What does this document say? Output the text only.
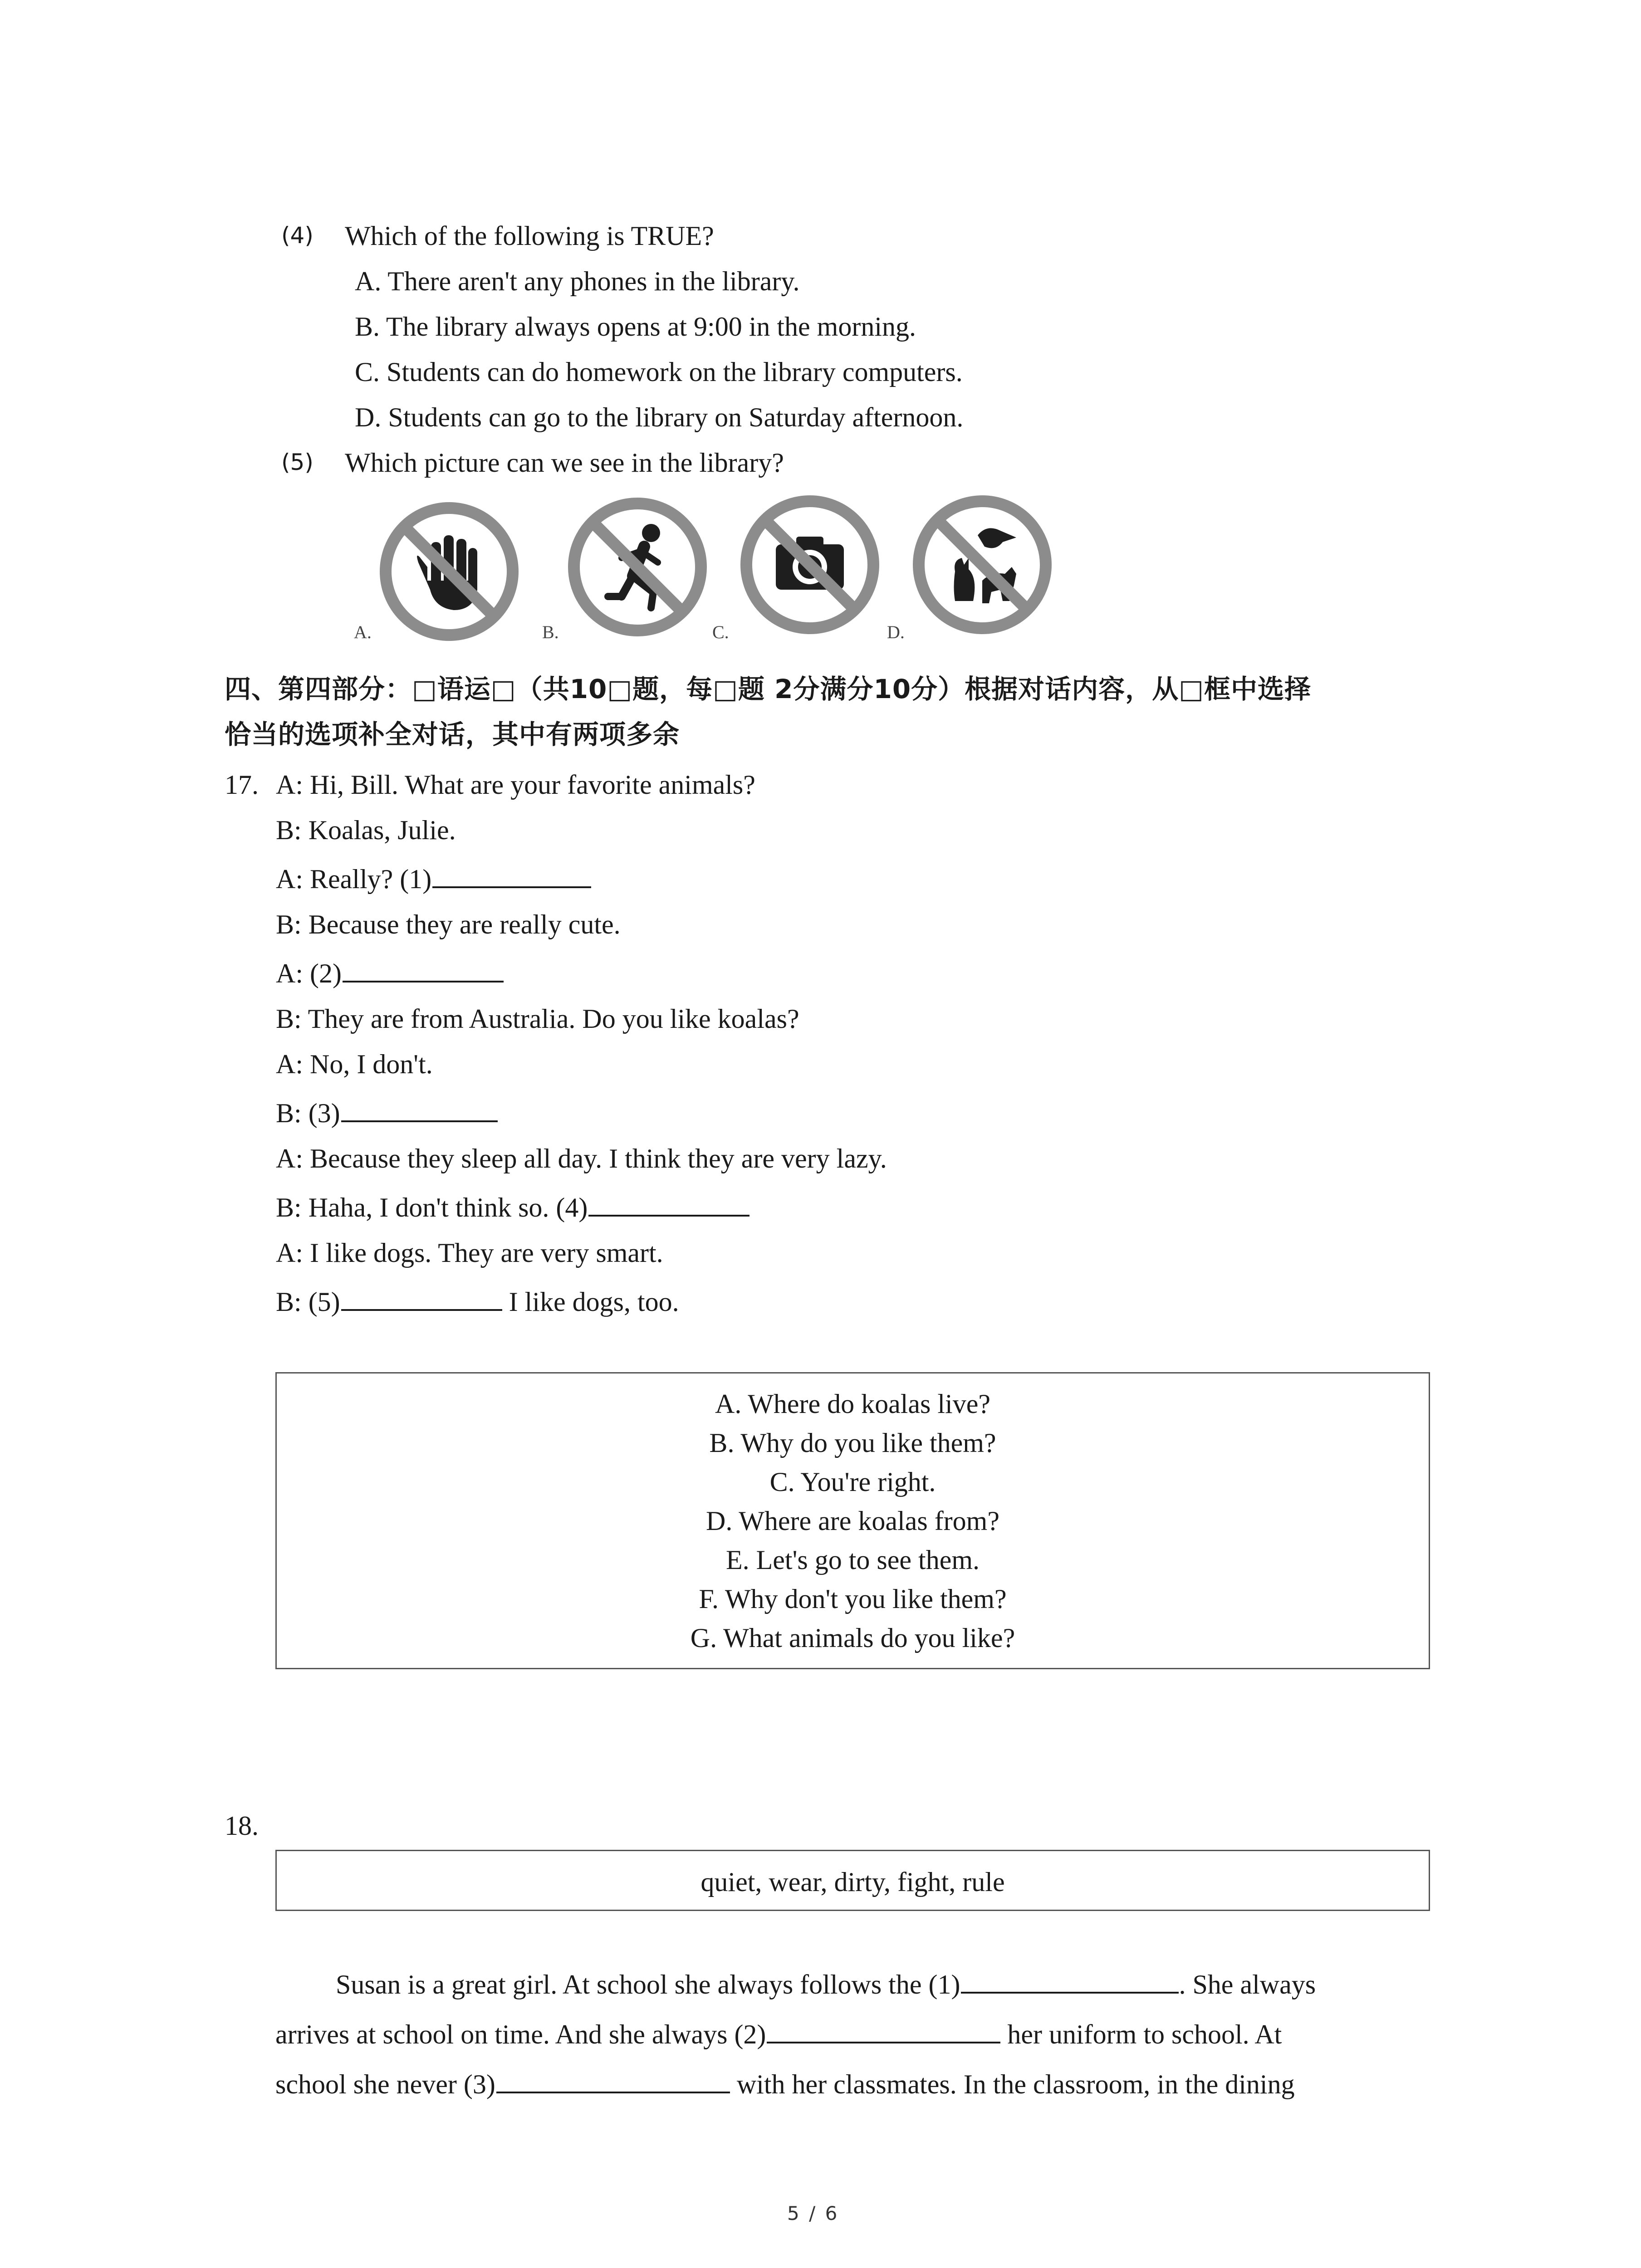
(4) Which of the following is TRUE?
A. There aren't any phones in the library.
B. The library always opens at 9:00 in the morning.
C. Students can do homework on the library computers.
D. Students can go to the library on Saturday afternoon.
(5) Which picture can we see in the library?
A.	B.	C.	D.
四、第四部分：□语运□（共10□题，每□题 2分满分10分）根据对话内容，从□框中选择
恰当的选项补全对话，其中有两项多余
17. A: Hi, Bill. What are your favorite animals?
B: Koalas, Julie.
A: Really? (1)
B: Because they are really cute.
A: (2)
B: They are from Australia. Do you like koalas?
A: No, I don't.
B: (3)
A: Because they sleep all day. I think they are very lazy.
B: Haha, I don't think so. (4)
A: I like dogs. They are very smart.
B: (5)	I like dogs, too.
A. Where do koalas live?
B. Why do you like them?
C. You're right.
D. Where are koalas from?
E. Let's go to see them.
F. Why don't you like them?
G. What animals do you like?
18.
quiet, wear, dirty, fight, rule
Susan is a great girl. At school she always follows the (1)	. She always
arrives at school on time. And she always (2)	her uniform to school. At
school she never (3)	with her classmates. In the classroom, in the dining
5 / 6
